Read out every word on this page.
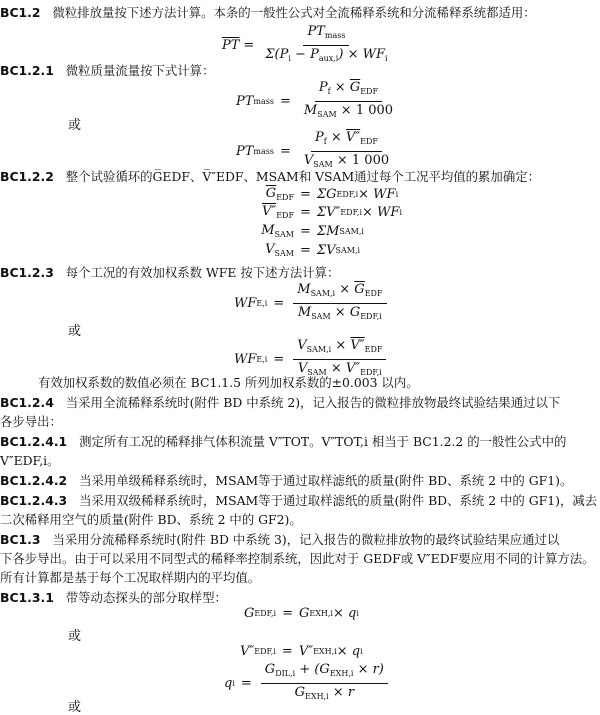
BC1.2 微粒排放量按下述方法计算。本条的一般性公式对全流稀释系统和分流稀释系统都适用：
$\overline{PT} = \frac{PT_{mass}}{\Sigma(P_i - P_{aux,i}) \times WF_i}$
BC1.2.1 微粒质量流量按下式计算：
PT mass = $\frac{P_f \times \overline{G}_{EDF}}{M_{SAM} \times 1 000}$
或
PT mass = $\frac{P_f \times V''_{EDF}}{V_{SAM} \times 1 000}$
BC1.2.2 整个试验循环的G̅EDF、V̅″EDF、MSAM和 VSAM通过每个工况平均值的累加确定：
$\overline{G}_{EDF} = \Sigma G$ EDF,i × WF i
$V''_{EDF} = \Sigma V''$ EDF,i × WF i
$M_{SAM} = \Sigma M$ SAM,i
$V_{SAM} = \Sigma V$ SAM,i
BC1.2.3 每个工况的有效加权系数 WFE 按下述方法计算：
WF $E,i = \frac{M_{SAM,i} \times \overline{G}_{EDF}}{M_{SAM} \times G_{EDF,i}}$
或
WF $E,i = \frac{V_{SAM,i} \times V''_{EDF}}{V_{SAM} \times V''_{EDF,i}}$
有效加权系数的数值必须在 BC1.1.5 所列加权系数的±0.003 以内。
BC1.2.4 当采用全流稀释系统时(附件 BD 中系统 2)，记入报告的微粒排放物最终试验结果通过以下
各步导出：
BC1.2.4.1 测定所有工况的稀释排气体积流量 V″TOT。V″TOT,i 相当于 BC1.2.2 的一般性公式中的
V″EDF,i。
BC1.2.4.2 当采用单级稀释系统时，MSAM等于通过取样滤纸的质量(附件 BD、系统 2 中的 GF1)。
BC1.2.4.3 当采用双级稀释系统时，MSAM等于通过取样滤纸的质量(附件 BD、系统 2 中的 GF1)，减去
二次稀释用空气的质量(附件 BD、系统 2 中的 GF2)。
BC1.3 当采用分流稀释系统时(附件 BD 中系统 3)，记入报告的微粒排放物的最终试验结果应通过以
下各步导出。由于可以采用不同型式的稀释率控制系统，因此对于 GEDF或 V″EDF要应用不同的计算方法。
所有计算都是基于每个工况取样期内的平均值。
BC1.3.1 带等动态探头的部分取样型：
G EDF,i = G EXH,i × q i
或
V″ EDF,i = V″ EXH,i × q i
q $i = \frac{G_{DIL,i} + (G_{EXH,i} \times r)}{G_{EXH,i} \times r}$
或
